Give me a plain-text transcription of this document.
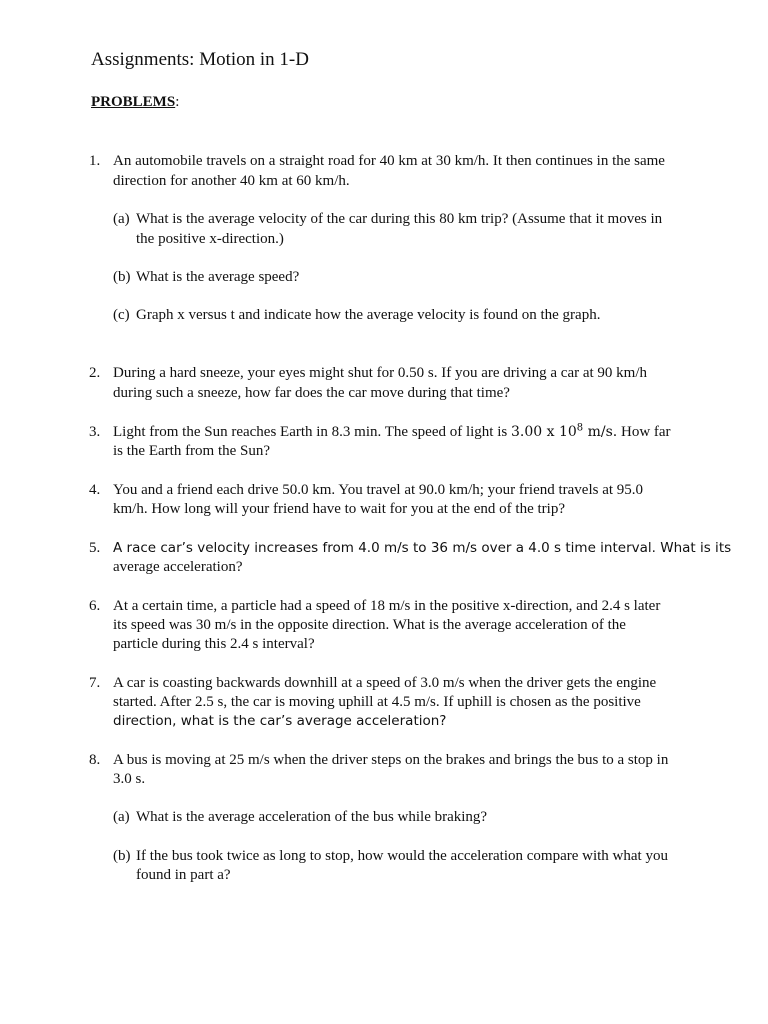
Assignments: Motion in 1-D
PROBLEMS:
1. An automobile travels on a straight road for 40 km at 30 km/h. It then continues in the same
direction for another 40 km at 60 km/h.
(a) What is the average velocity of the car during this 80 km trip? (Assume that it moves in
the positive x-direction.)
(b) What is the average speed?
(c) Graph x versus t and indicate how the average velocity is found on the graph.
2. During a hard sneeze, your eyes might shut for 0.50 s. If you are driving a car at 90 km/h
during such a sneeze, how far does the car move during that time?
3. Light from the Sun reaches Earth in 8.3 min. The speed of light is 3.00 x $10^8$ m/s. How far
is the Earth from the Sun?
4. You and a friend each drive 50.0 km. You travel at 90.0 km/h; your friend travels at 95.0
km/h. How long will your friend have to wait for you at the end of the trip?
5. A race car’s velocity increases from 4.0 m/s to 36 m/s over a 4.0 s time interval. What is its
average acceleration?
6. At a certain time, a particle had a speed of 18 m/s in the positive x-direction, and 2.4 s later
its speed was 30 m/s in the opposite direction. What is the average acceleration of the
particle during this 2.4 s interval?
7. A car is coasting backwards downhill at a speed of 3.0 m/s when the driver gets the engine
started. After 2.5 s, the car is moving uphill at 4.5 m/s. If uphill is chosen as the positive
direction, what is the car’s average acceleration?
8. A bus is moving at 25 m/s when the driver steps on the brakes and brings the bus to a stop in
3.0 s.
(a) What is the average acceleration of the bus while braking?
(b) If the bus took twice as long to stop, how would the acceleration compare with what you
found in part a?
